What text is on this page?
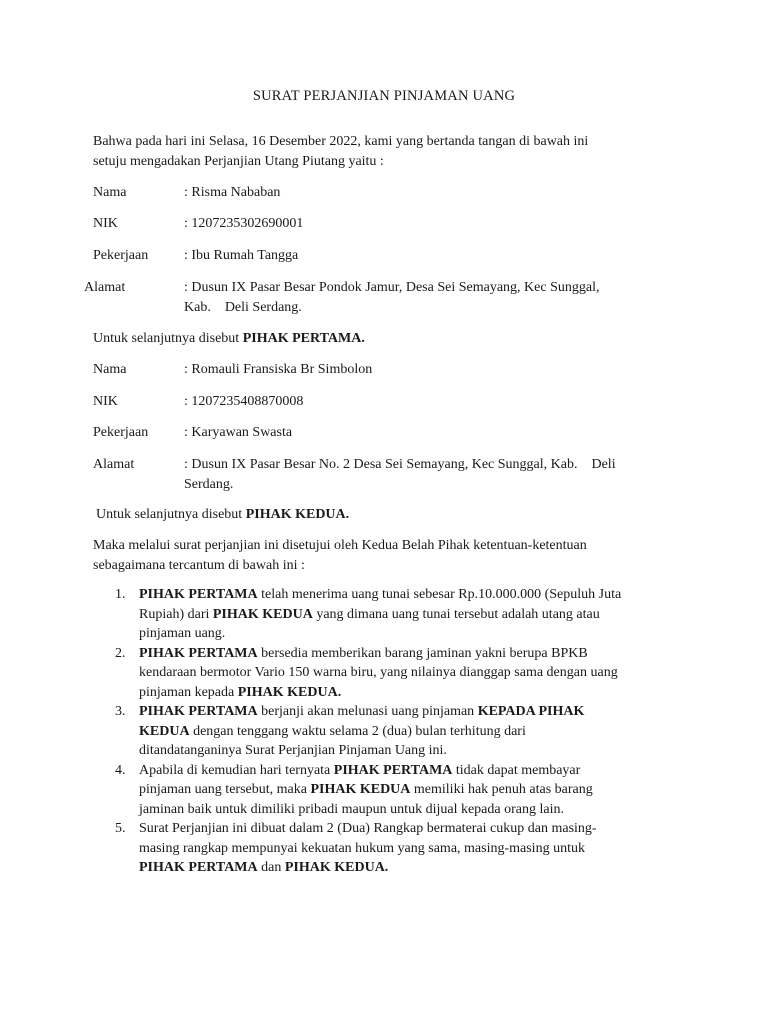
SURAT PERJANJIAN PINJAMAN UANG
Bahwa pada hari ini Selasa, 16 Desember 2022, kami yang bertanda tangan di bawah ini
setuju mengadakan Perjanjian Utang Piutang yaitu :
Nama	: Risma Nababan
NIK	: 1207235302690001
Pekerjaan	: Ibu Rumah Tangga
Alamat	: Dusun IX Pasar Besar Pondok Jamur, Desa Sei Semayang, Kec Sunggal,
Kab.    Deli Serdang.
Untuk selanjutnya disebut PIHAK PERTAMA.
Nama	: Romauli Fransiska Br Simbolon
NIK	: 1207235408870008
Pekerjaan	: Karyawan Swasta
Alamat	: Dusun IX Pasar Besar No. 2 Desa Sei Semayang, Kec Sunggal, Kab.    Deli
Serdang.
Untuk selanjutnya disebut PIHAK KEDUA.
Maka melalui surat perjanjian ini disetujui oleh Kedua Belah Pihak ketentuan-ketentuan
sebagaimana tercantum di bawah ini :
1. PIHAK PERTAMA telah menerima uang tunai sebesar Rp.10.000.000 (Sepuluh Juta
Rupiah) dari PIHAK KEDUA yang dimana uang tunai tersebut adalah utang atau
pinjaman uang.
2. PIHAK PERTAMA bersedia memberikan barang jaminan yakni berupa BPKB
kendaraan bermotor Vario 150 warna biru, yang nilainya dianggap sama dengan uang
pinjaman kepada PIHAK KEDUA.
3. PIHAK PERTAMA berjanji akan melunasi uang pinjaman KEPADA PIHAK
KEDUA dengan tenggang waktu selama 2 (dua) bulan terhitung dari
ditandatanganinya Surat Perjanjian Pinjaman Uang ini.
4. Apabila di kemudian hari ternyata PIHAK PERTAMA tidak dapat membayar
pinjaman uang tersebut, maka PIHAK KEDUA memiliki hak penuh atas barang
jaminan baik untuk dimiliki pribadi maupun untuk dijual kepada orang lain.
5. Surat Perjanjian ini dibuat dalam 2 (Dua) Rangkap bermaterai cukup dan masing-
masing rangkap mempunyai kekuatan hukum yang sama, masing-masing untuk
PIHAK PERTAMA dan PIHAK KEDUA.
